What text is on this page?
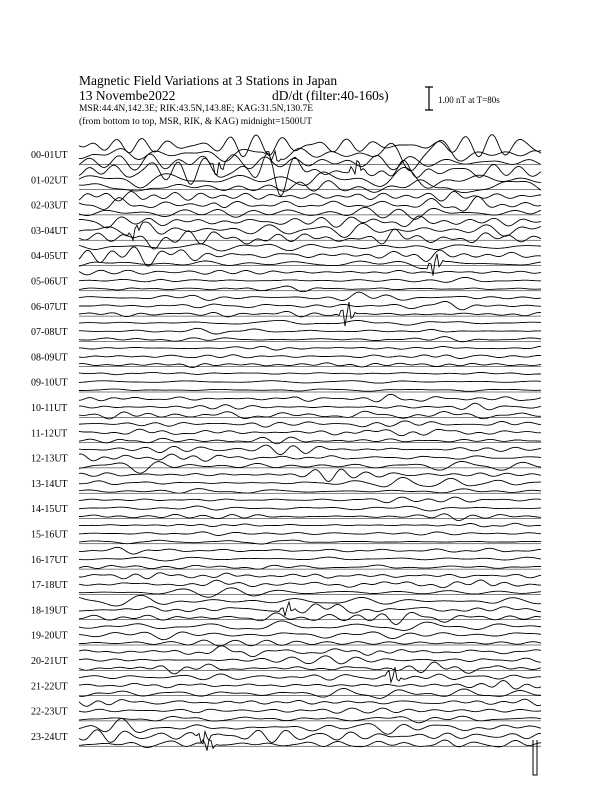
Magnetic Field Variations at 3 Stations in Japan
13 Novembe2022	dD/dt (filter:40-160s)
MSR:44.4N,142.3E; RIK:43.5N,143.8E; KAG:31.5N,130.7E
(from bottom to top, MSR, RIK, & KAG) midnight=1500UT
1.00 nT at T=80s
00-01UT
01-02UT
02-03UT
03-04UT
04-05UT
05-06UT
06-07UT
07-08UT
08-09UT
09-10UT
10-11UT
11-12UT
12-13UT
13-14UT
14-15UT
15-16UT
16-17UT
17-18UT
18-19UT
19-20UT
20-21UT
21-22UT
22-23UT
23-24UT
